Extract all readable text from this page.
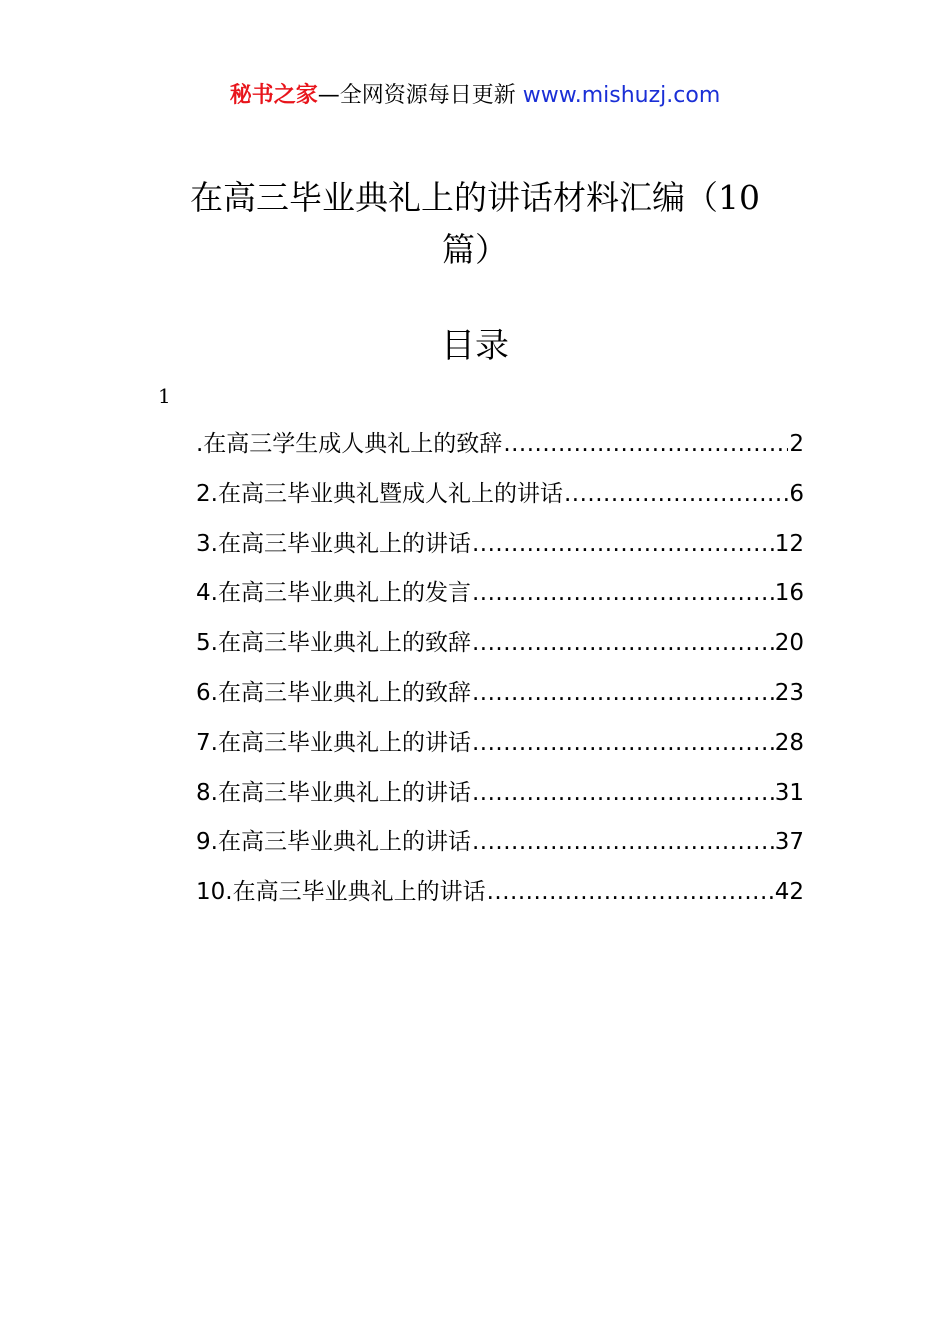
秘书之家—全网资源每日更新 www.mishuzj.com
在高三毕业典礼上的讲话材料汇编（10
篇）
目录
1
.在高三学生成人典礼上的致辞 .....	2
2.在高三毕业典礼暨成人礼上的讲话 .....	6
3.在高三毕业典礼上的讲话 .....	12
4.在高三毕业典礼上的发言 .....	16
5.在高三毕业典礼上的致辞 .....	20
6.在高三毕业典礼上的致辞 .....	23
7.在高三毕业典礼上的讲话 .....	28
8.在高三毕业典礼上的讲话 .....	31
9.在高三毕业典礼上的讲话 .....	37
10.在高三毕业典礼上的讲话 .....	42
